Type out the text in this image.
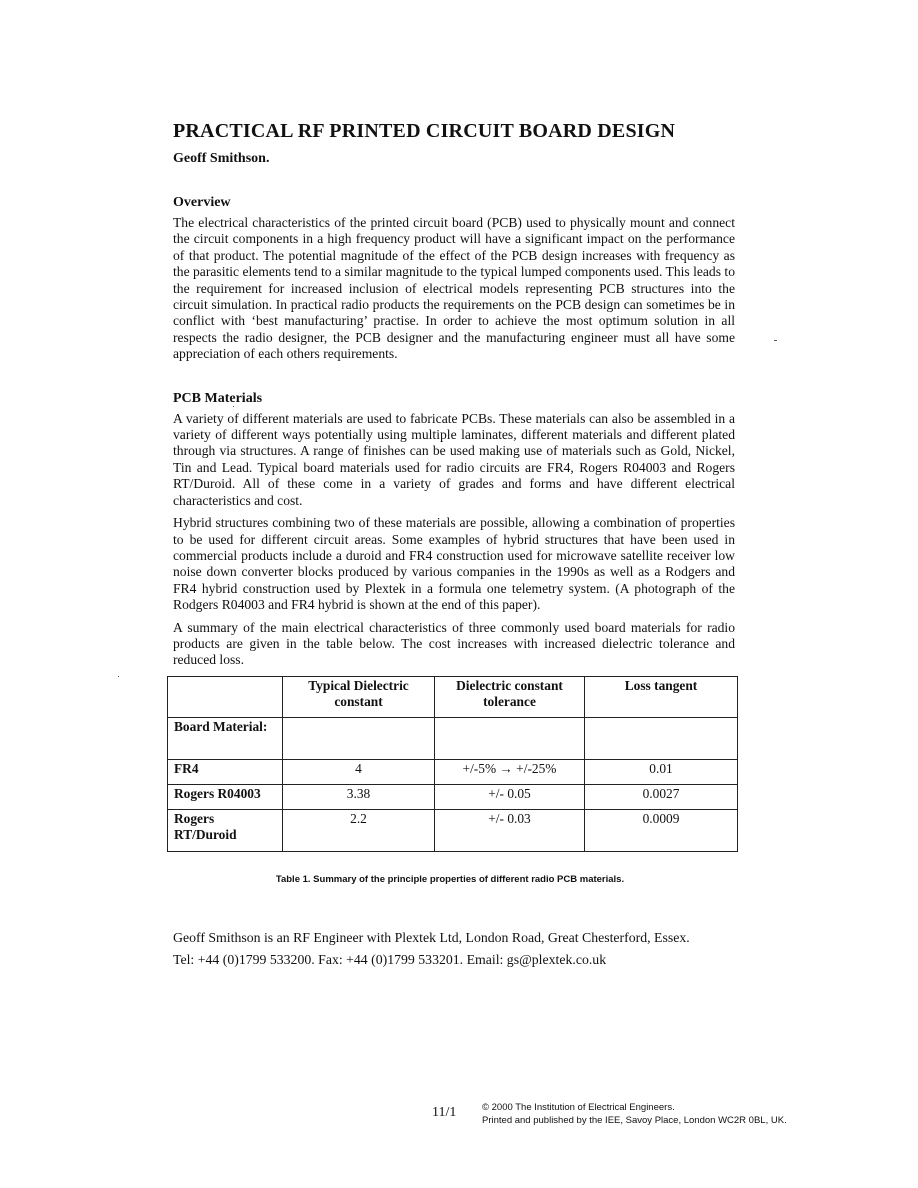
PRACTICAL RF PRINTED CIRCUIT BOARD DESIGN
Geoff Smithson.
Overview

The electrical characteristics of the printed circuit board (PCB) used to physically mount and connect the circuit components in a high frequency product will have a significant impact on the performance of that product. The potential magnitude of the effect of the PCB design increases with frequency as the parasitic elements tend to a similar magnitude to the typical lumped components used. This leads to the requirement for increased inclusion of electrical models representing PCB structures into the circuit simulation. In practical radio products the requirements on the PCB design can sometimes be in conflict with ‘best manufacturing’ practise. In order to achieve the most optimum solution in all respects the radio designer, the PCB designer and the manufacturing engineer must all have some appreciation of each others requirements.

PCB Materials

A variety of different materials are used to fabricate PCBs. These materials can also be assembled in a variety of different ways potentially using multiple laminates, different materials and different plated through via structures. A range of finishes can be used making use of materials such as Gold, Nickel, Tin and Lead. Typical board materials used for radio circuits are FR4, Rogers R04003 and Rogers RT/Duroid. All of these come in a variety of grades and forms and have different electrical characteristics and cost.

Hybrid structures combining two of these materials are possible, allowing a combination of properties to be used for different circuit areas. Some examples of hybrid structures that have been used in commercial products include a duroid and FR4 construction used for microwave satellite receiver low noise down converter blocks produced by various companies in the 1990s as well as a Rodgers and FR4 hybrid construction used by Plextek in a formula one telemetry system. (A photograph of the Rodgers R04003 and FR4 hybrid is shown at the end of this paper).

A summary of the main electrical characteristics of three commonly used board materials for radio products are given in the table below. The cost increases with increased dielectric tolerance and reduced loss.

	Typical Dielectric constant	Dielectric constant tolerance	Loss tangent
Board Material:			
FR4	4	+/-5% → +/-25%	0.01
Rogers R04003	3.38	+/- 0.05	0.0027
Rogers RT/Duroid	2.2	+/- 0.03	0.0009
Table 1. Summary of the principle properties of different radio PCB materials.
Geoff Smithson is an RF Engineer with Plextek Ltd, London Road, Great Chesterford, Essex.
Tel: +44 (0)1799 533200. Fax: +44 (0)1799 533201. Email: gs@plextek.co.uk
11/1	© 2000 The Institution of Electrical Engineers.
Printed and published by the IEE, Savoy Place, London WC2R 0BL, UK.
